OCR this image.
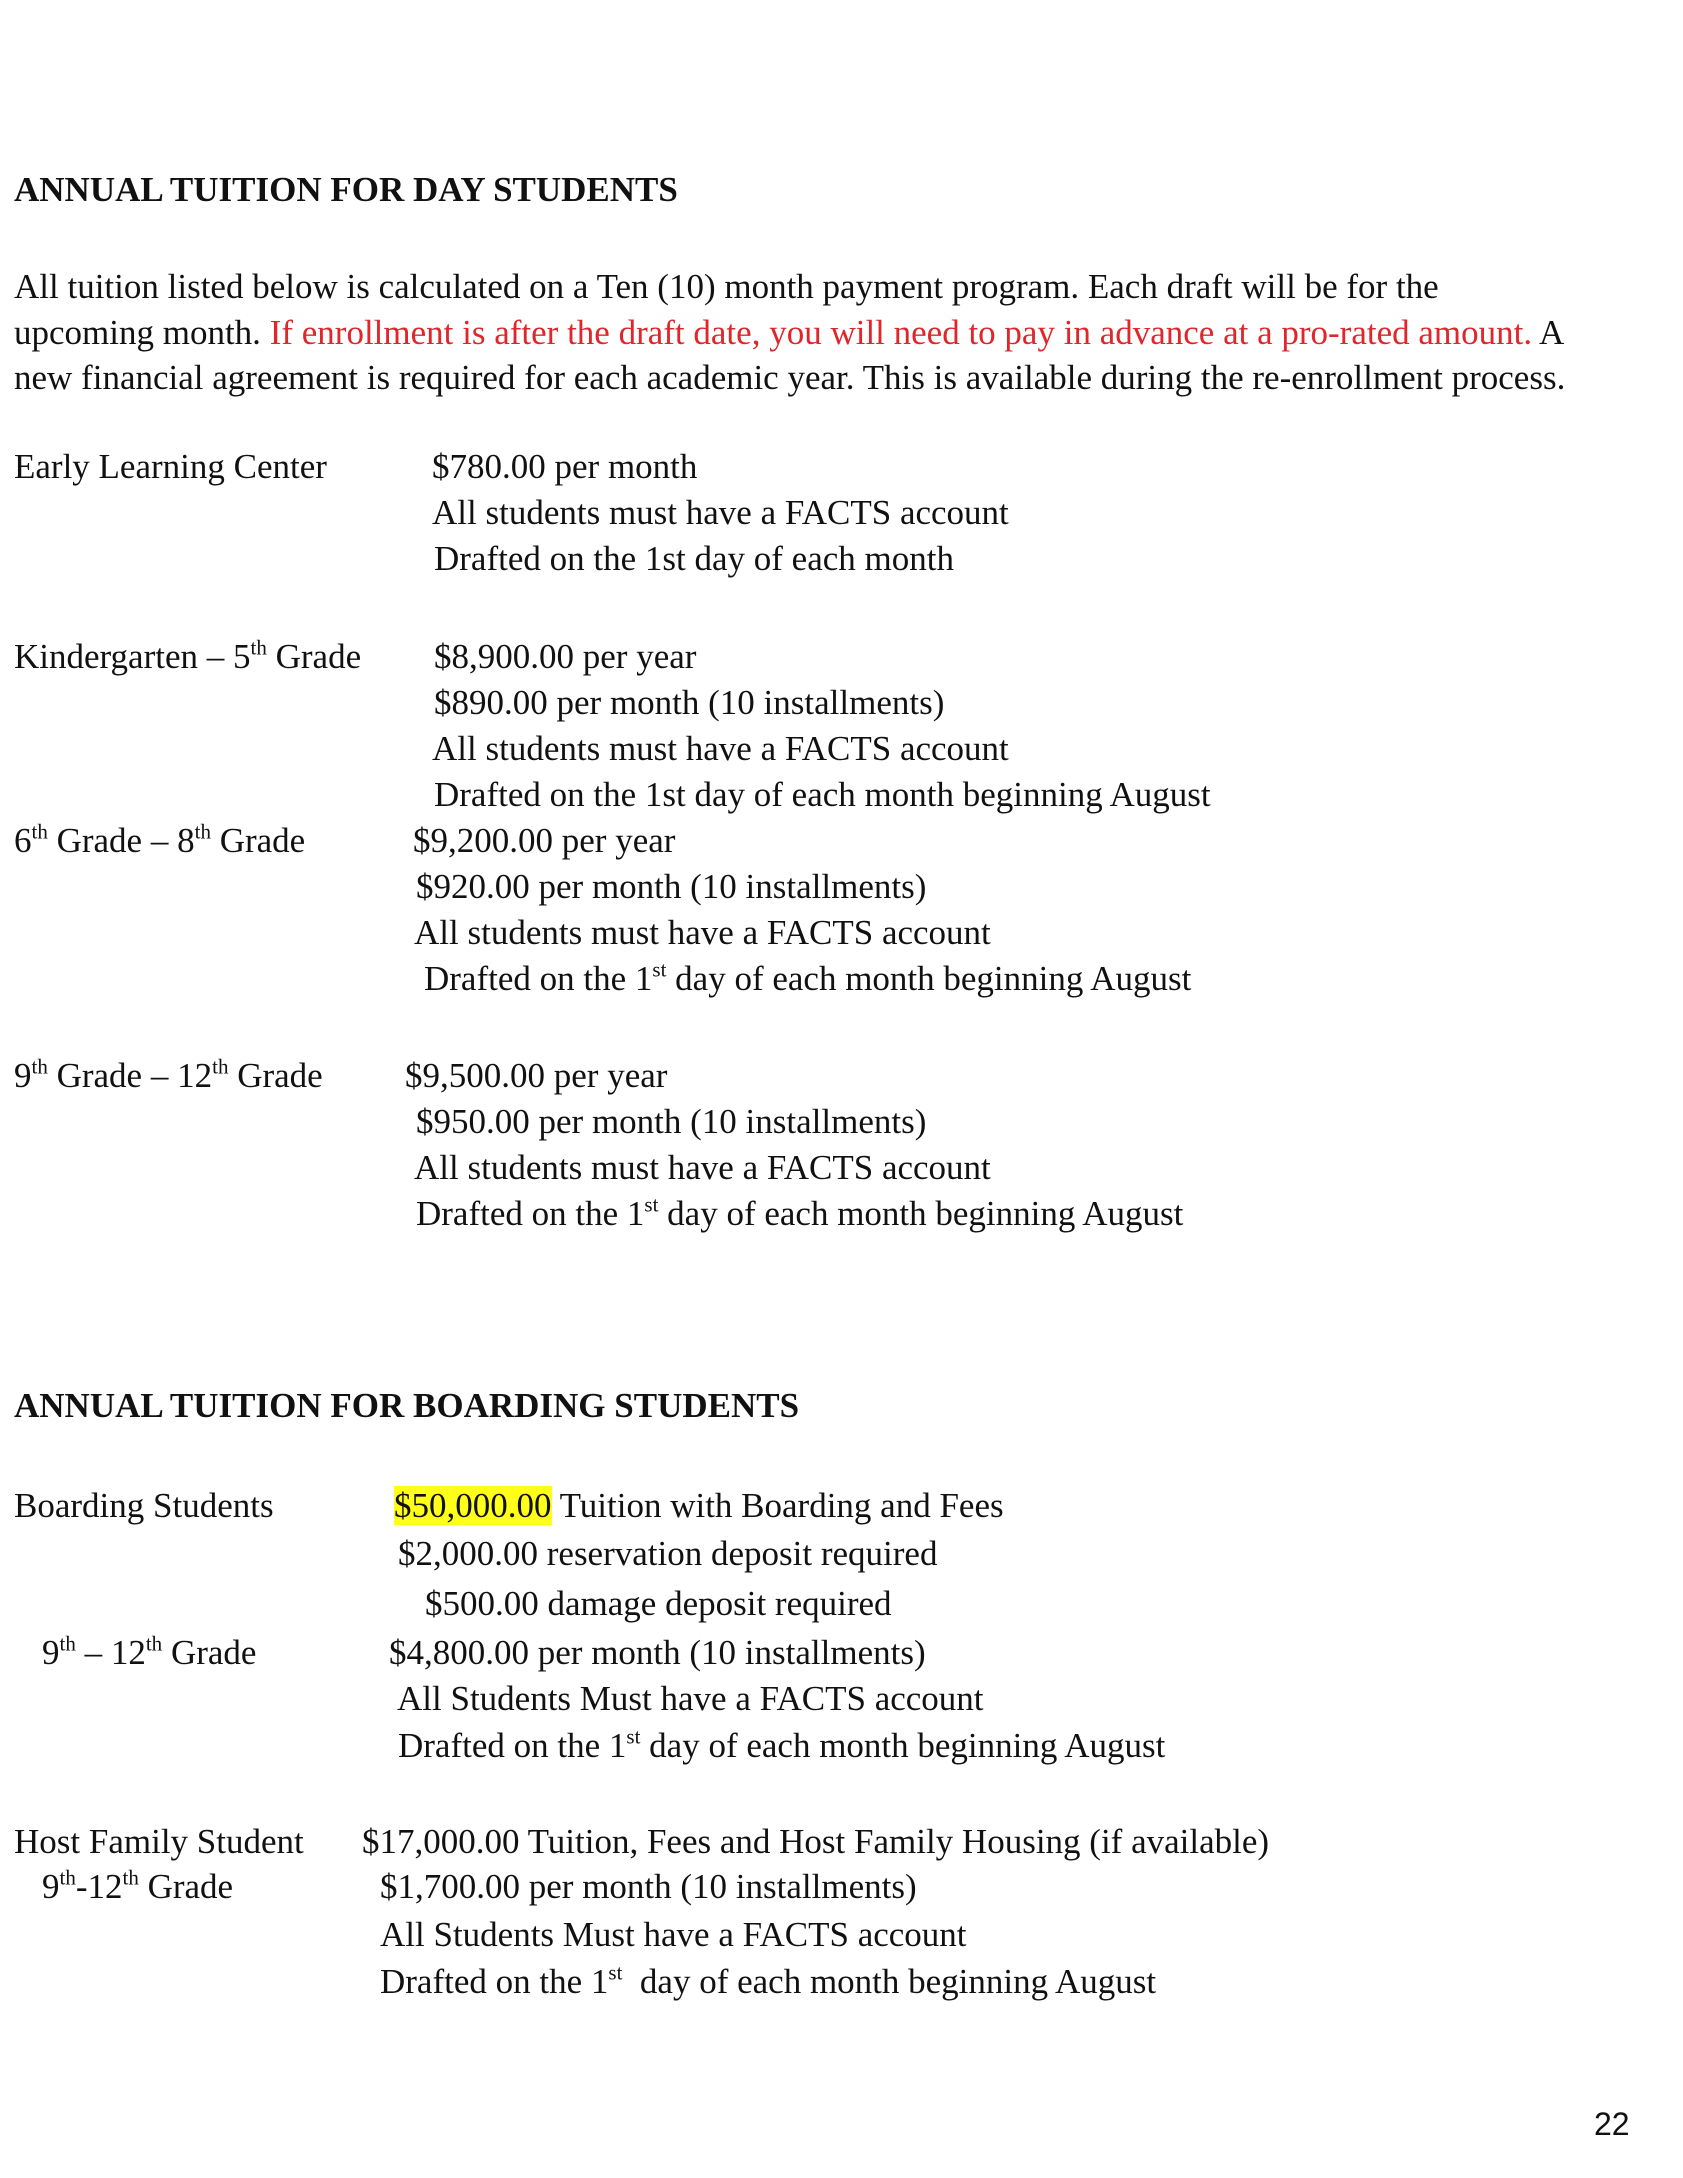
ANNUAL TUITION FOR DAY STUDENTS
All tuition listed below is calculated on a Ten (10) month payment program. Each draft will be for the
upcoming month. If enrollment is after the draft date, you will need to pay in advance at a pro-rated amount. A
new financial agreement is required for each academic year. This is available during the re-enrollment process.
Early Learning Center	$780.00 per month
All students must have a FACTS account
Drafted on the 1st day of each month
Kindergarten – 5th Grade $8,900.00 per year
$890.00 per month (10 installments)
All students must have a FACTS account
Drafted on the 1st day of each month beginning August
6th Grade – 8th Grade	$9,200.00 per year
$920.00 per month (10 installments)
All students must have a FACTS account
Drafted on the 1st day of each month beginning August
9th Grade – 12th Grade $9,500.00 per year
$950.00 per month (10 installments)
All students must have a FACTS account
Drafted on the 1st day of each month beginning August
ANNUAL TUITION FOR BOARDING STUDENTS
Boarding Students	$50,000.00 Tuition with Boarding and Fees
$2,000.00 reservation deposit required
$500.00 damage deposit required
9th – 12th Grade	$4,800.00 per month (10 installments)
All Students Must have a FACTS account
Drafted on the 1st day of each month beginning August
Host Family Student $17,000.00 Tuition, Fees and Host Family Housing (if available)
9th-12th Grade	$1,700.00 per month (10 installments)
All Students Must have a FACTS account
Drafted on the 1st  day of each month beginning August
22
